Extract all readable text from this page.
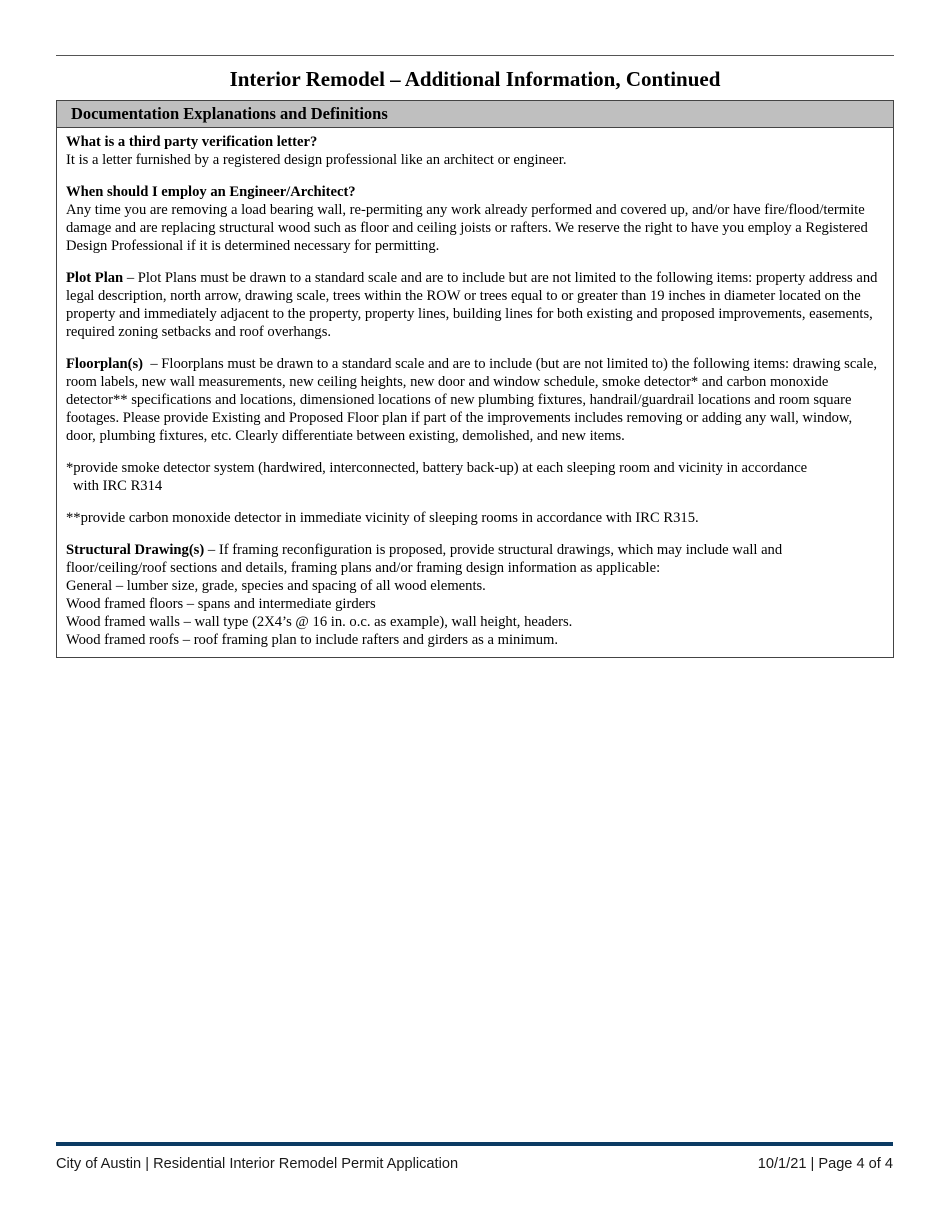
Interior Remodel – Additional Information, Continued
Documentation Explanations and Definitions

What is a third party verification letter?
It is a letter furnished by a registered design professional like an architect or engineer.

When should I employ an Engineer/Architect?
Any time you are removing a load bearing wall, re-permiting any work already performed and covered up, and/or have fire/flood/termite damage and are replacing structural wood such as floor and ceiling joists or rafters. We reserve the right to have you employ a Registered Design Professional if it is determined necessary for permitting.

Plot Plan – Plot Plans must be drawn to a standard scale and are to include but are not limited to the following items: property address and legal description, north arrow, drawing scale, trees within the ROW or trees equal to or greater than 19 inches in diameter located on the property and immediately adjacent to the property, property lines, building lines for both existing and proposed improvements, easements, required zoning setbacks and roof overhangs.

Floorplan(s)  – Floorplans must be drawn to a standard scale and are to include (but are not limited to) the following items: drawing scale, room labels, new wall measurements, new ceiling heights, new door and window schedule, smoke detector* and carbon monoxide detector** specifications and locations, dimensioned locations of new plumbing fixtures, handrail/guardrail locations and room square footages. Please provide Existing and Proposed Floor plan if part of the improvements includes removing or adding any wall, window, door, plumbing fixtures, etc. Clearly differentiate between existing, demolished, and new items.

*provide smoke detector system (hardwired, interconnected, battery back-up) at each sleeping room and vicinity in accordance
with IRC R314

**provide carbon monoxide detector in immediate vicinity of sleeping rooms in accordance with IRC R315.

Structural Drawing(s) – If framing reconfiguration is proposed, provide structural drawings, which may include wall and floor/ceiling/roof sections and details, framing plans and/or framing design information as applicable:
General – lumber size, grade, species and spacing of all wood elements.
Wood framed floors – spans and intermediate girders
Wood framed walls – wall type (2X4’s @ 16 in. o.c. as example), wall height, headers.
Wood framed roofs – roof framing plan to include rafters and girders as a minimum.

City of Austin | Residential Interior Remodel Permit Application	10/1/21 | Page 4 of 4
